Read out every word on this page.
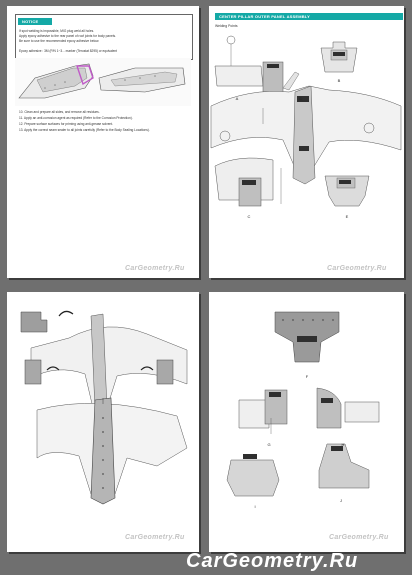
NOTICE
If spot welding is impossible, MIG plug weld all holes.
Apply epoxy adhesive to the rear panel of roof joints for body panels.
Be sure to use the recommended epoxy adhesive below.
Epoxy adhesive : 3M (P/N 1~3... marker (Terostat 8295) or equivalent
10. Clean and prepare all sides, and remove all residues.
11. Apply an anti-corrosion agent as required (Refer to the Corrosion Protection).
12. Prepare surface surfaces for priming using anti-grease solvent.
13. Apply the correct seam sealer to all joints carefully (Refer to the Body Sealing Locations).
CarGeometry.Ru
CENTER PILLAR OUTER PANEL ASSEMBLY
Welding Points
A
B
C
D
E
CarGeometry.Ru
CarGeometry.Ru
F
G	H
I
J
CarGeometry.Ru
CarGeometry.Ru
